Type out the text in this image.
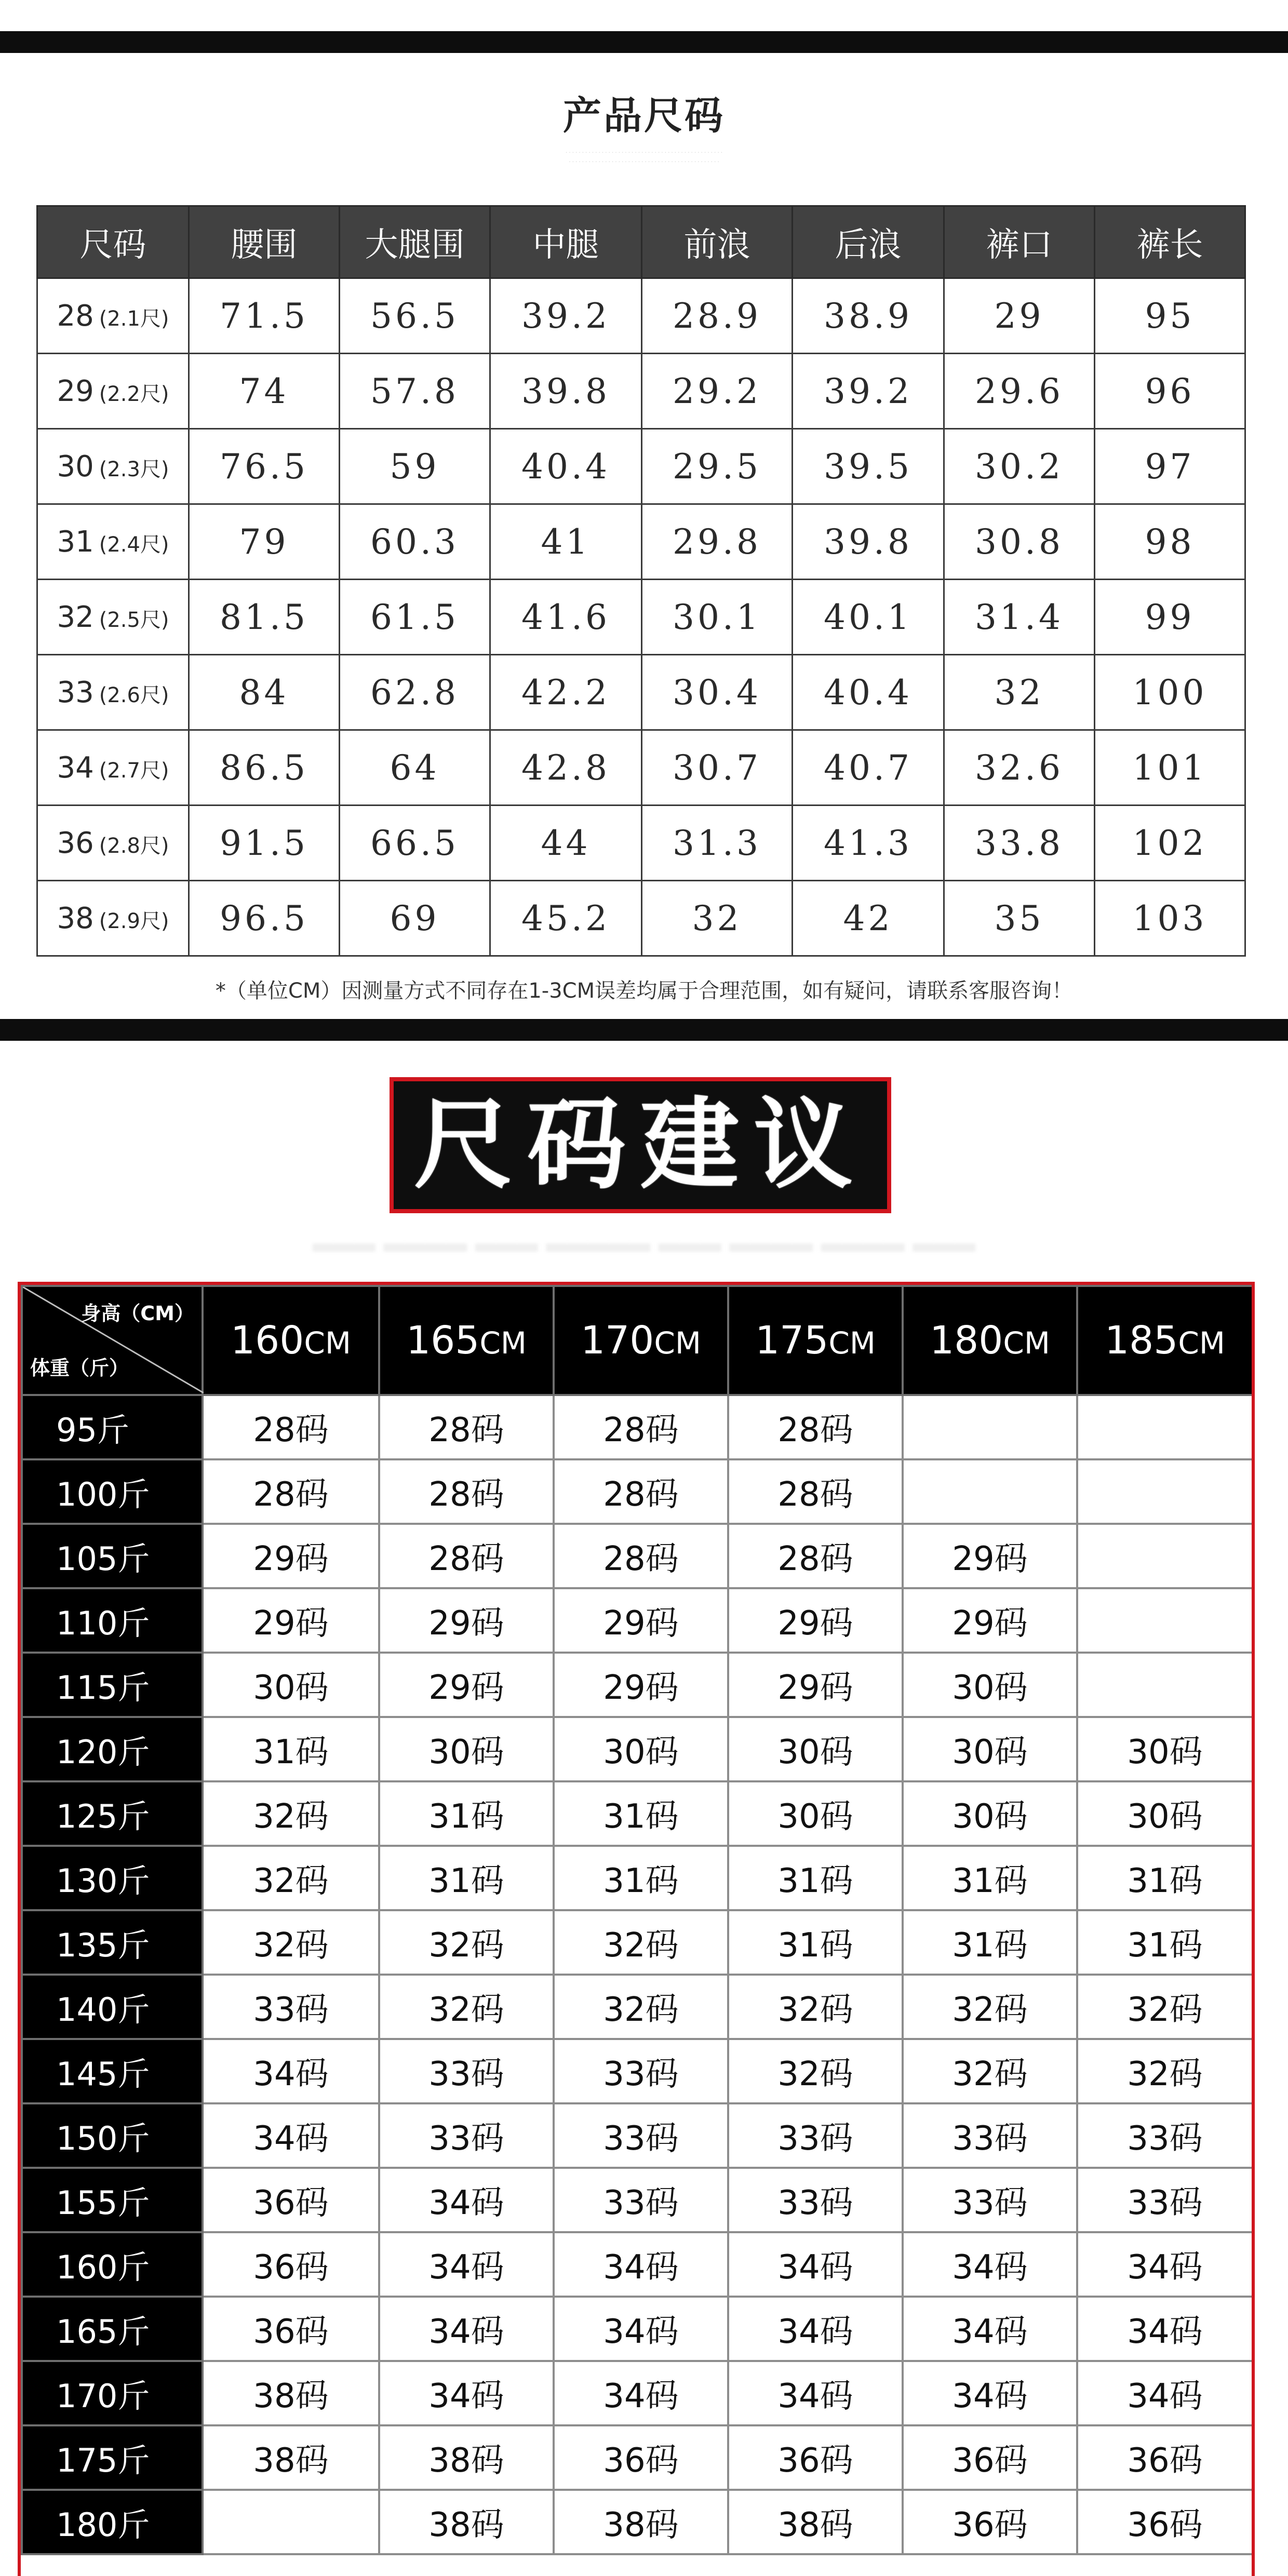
产品尺码
· · · · · · · · · · · · · · · · · · · · · · · · · · · · · · · · · · · · · · · · · · · · · · · ·
· · · · · · · · · · · · · · · · · · · · · · · · · · · · · · · · · · · · · · · · · · · · · ·
尺码	腰围	大腿围	中腿	前浪	后浪	裤口	裤长
28 (2.1尺)	71.5	56.5	39.2	28.9	38.9	29	95
29 (2.2尺)	74	57.8	39.8	29.2	39.2	29.6	96
30 (2.3尺)	76.5	59	40.4	29.5	39.5	30.2	97
31 (2.4尺)	79	60.3	41	29.8	39.8	30.8	98
32 (2.5尺)	81.5	61.5	41.6	30.1	40.1	31.4	99
33 (2.6尺)	84	62.8	42.2	30.4	40.4	32	100
34 (2.7尺)	86.5	64	42.8	30.7	40.7	32.6	101
36 (2.8尺)	91.5	66.5	44	31.3	41.3	33.8	102
38 (2.9尺)	96.5	69	45.2	32	42	35	103
*（单位CM）因测量方式不同存在1-3CM误差均属于合理范围，如有疑问，请联系客服咨询！
尺码建议
▂▂▂ ▂▂▂▂ ▂▂▂ ▂▂▂▂▂ ▂▂▂ ▂▂▂▂ ▂▂▂▂ ▂▂▂
身高（CM）
体重（斤）	160CM	165CM	170CM	175CM	180CM	185CM
95斤	28码	28码	28码	28码		
100斤	28码	28码	28码	28码		
105斤	29码	28码	28码	28码	29码	
110斤	29码	29码	29码	29码	29码	
115斤	30码	29码	29码	29码	30码	
120斤	31码	30码	30码	30码	30码	30码
125斤	32码	31码	31码	30码	30码	30码
130斤	32码	31码	31码	31码	31码	31码
135斤	32码	32码	32码	31码	31码	31码
140斤	33码	32码	32码	32码	32码	32码
145斤	34码	33码	33码	32码	32码	32码
150斤	34码	33码	33码	33码	33码	33码
155斤	36码	34码	33码	33码	33码	33码
160斤	36码	34码	34码	34码	34码	34码
165斤	36码	34码	34码	34码	34码	34码
170斤	38码	34码	34码	34码	34码	34码
175斤	38码	38码	36码	36码	36码	36码
180斤		38码	38码	38码	36码	36码
